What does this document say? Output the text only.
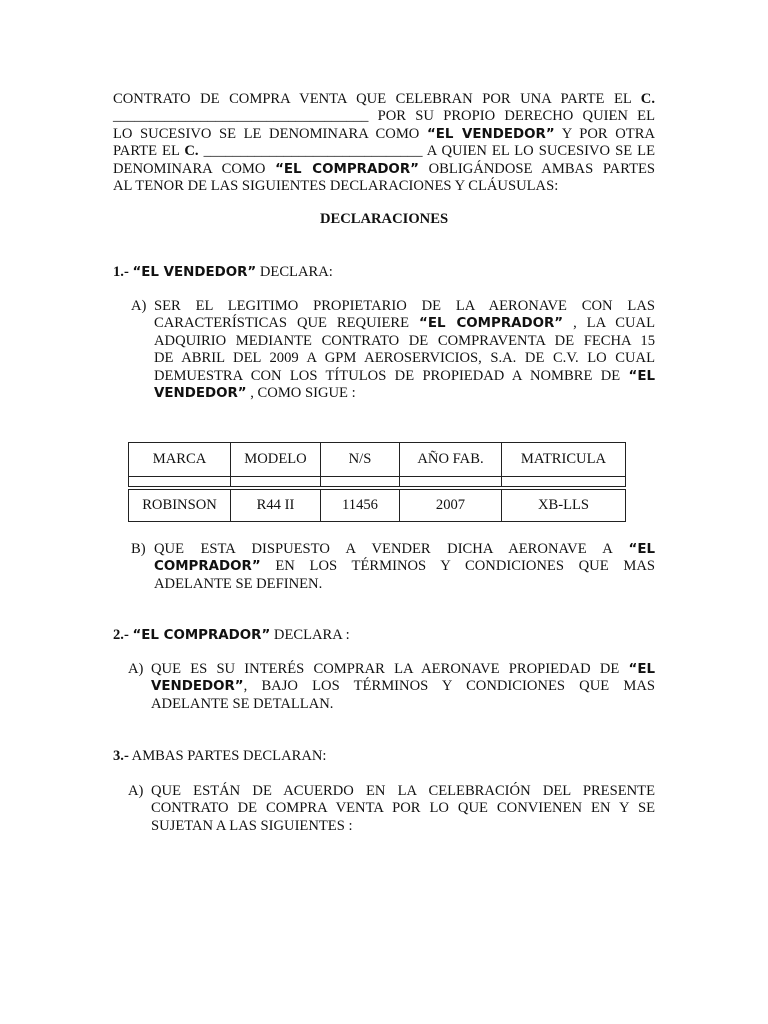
CONTRATO DE COMPRA VENTA QUE CELEBRAN POR UNA PARTE EL C.
___________________________________ POR SU PROPIO DERECHO QUIEN EL
LO SUCESIVO SE LE DENOMINARA COMO “EL VENDEDOR” Y POR OTRA
PARTE EL C. ______________________________ A QUIEN EL LO SUCESIVO SE LE
DENOMINARA COMO “EL COMPRADOR” OBLIGÁNDOSE AMBAS PARTES
AL TENOR DE LAS SIGUIENTES DECLARACIONES Y CLÁUSULAS:
DECLARACIONES
1.- “EL VENDEDOR” DECLARA:
A) SER EL LEGITIMO PROPIETARIO DE LA AERONAVE CON LAS
CARACTERÍSTICAS QUE REQUIERE “EL COMPRADOR” , LA CUAL
ADQUIRIO MEDIANTE CONTRATO DE COMPRAVENTA DE FECHA 15
DE ABRIL DEL 2009 A GPM AEROSERVICIOS, S.A. DE C.V. LO CUAL
DEMUESTRA CON LOS TÍTULOS DE PROPIEDAD A NOMBRE DE “EL
VENDEDOR” , COMO SIGUE :
MARCA	MODELO	N/S	AÑO FAB.	MATRICULA

ROBINSON	R44 II	11456	2007	XB-LLS
B) QUE ESTA DISPUESTO A VENDER DICHA AERONAVE A “EL
COMPRADOR” EN LOS TÉRMINOS Y CONDICIONES QUE MAS
ADELANTE SE DEFINEN.
2.- “EL COMPRADOR” DECLARA :
A) QUE ES SU INTERÉS COMPRAR LA AERONAVE PROPIEDAD DE “EL
VENDEDOR”, BAJO LOS TÉRMINOS Y CONDICIONES QUE MAS
ADELANTE SE DETALLAN.
3.- AMBAS PARTES DECLARAN:
A) QUE ESTÁN DE ACUERDO EN LA CELEBRACIÓN DEL PRESENTE
CONTRATO DE COMPRA VENTA POR LO QUE CONVIENEN EN Y SE
SUJETAN A LAS SIGUIENTES :
